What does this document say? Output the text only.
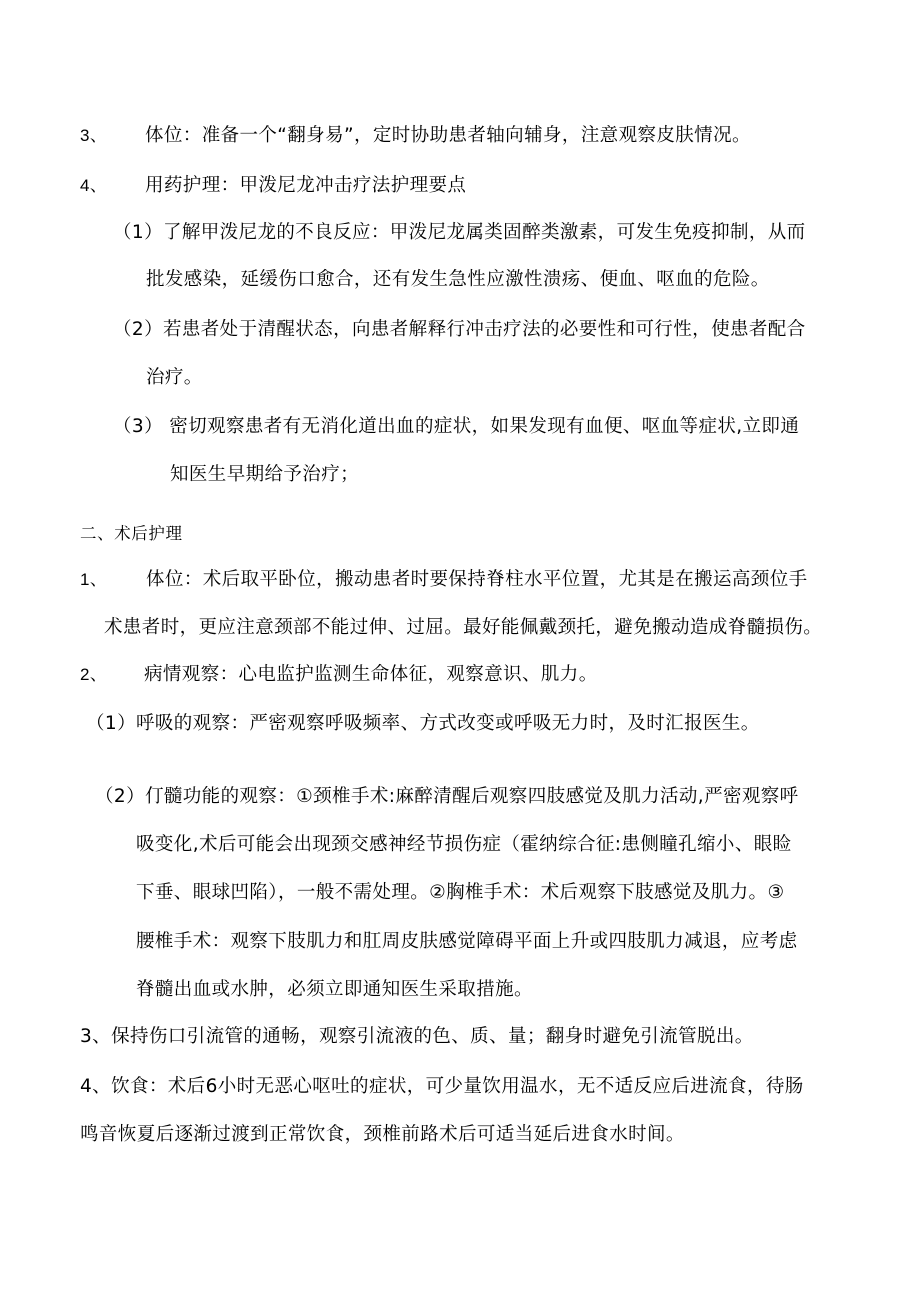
3、 体位：准备一个“翻身易”，定时协助患者轴向辅身，注意观察皮肤情况。
4、 用药护理：甲泼尼龙冲击疗法护理要点
（1）了解甲泼尼龙的不良反应：甲泼尼龙属类固醉类激素，可发生免疫抑制，从而
批发感染，延缓伤口愈合，还有发生急性应激性溃疡、便血、呕血的危险。
（2）若患者处于清醒状态，向患者解释行冲击疗法的必要性和可行性，使患者配合
治疗。
（3） 密切观察患者有无消化道出血的症状，如果发现有血便、呕血等症状,立即通
知医生早期给予治疗；
二、术后护理
1、 体位：术后取平卧位，搬动患者时要保持脊柱水平位置，尤其是在搬运高颈位手
术患者时，更应注意颈部不能过伸、过屈。最好能佩戴颈托，避免搬动造成脊髓损伤。
2、 病情观察：心电监护监测生命体征，观察意识、肌力。
（1）呼吸的观察：严密观察呼吸频率、方式改变或呼吸无力时，及时汇报医生。
（2）仃髓功能的观察：①颈椎手术:麻醉清醒后观察四肢感觉及肌力活动,严密观察呼
吸变化,术后可能会出现颈交感神经节损伤症（霍纳综合征:患侧瞳孔缩小、眼睑
下垂、眼球凹陷），一般不需处理。②胸椎手术：术后观察下肢感觉及肌力。③
腰椎手术：观察下肢肌力和肛周皮肤感觉障碍平面上升或四肢肌力减退，应考虑
脊髓出血或水肿，必须立即通知医生采取措施。
3、保持伤口引流管的通畅，观察引流液的色、质、量；翻身时避免引流管脱出。
4、饮食：术后6小时无恶心呕吐的症状，可少量饮用温水，无不适反应后进流食，待肠
鸣音恢夏后逐渐过渡到正常饮食，颈椎前路术后可适当延后进食水时间。
